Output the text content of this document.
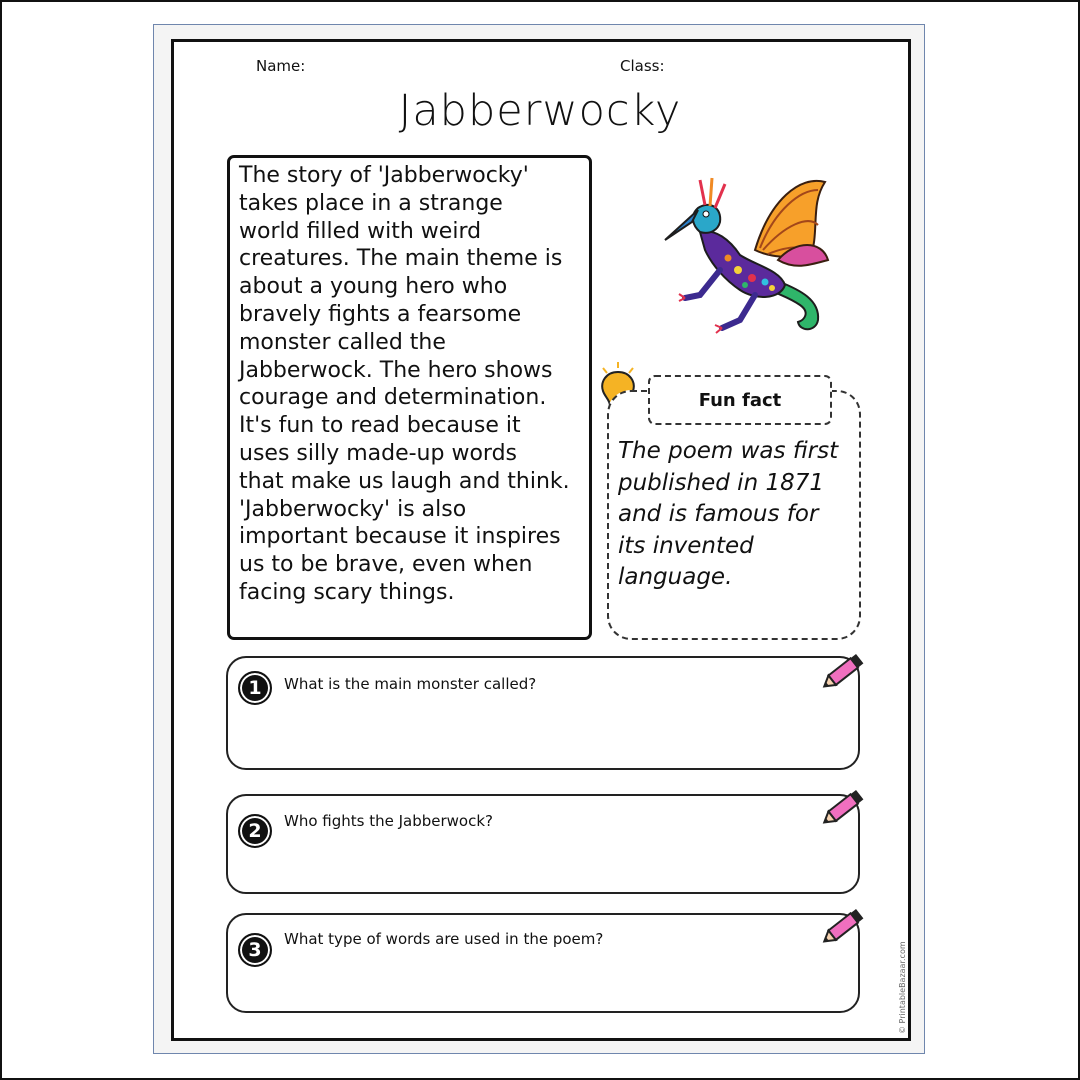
Name:	Class:
Jabberwocky
The story of 'Jabberwocky'
takes place in a strange
world filled with weird
creatures. The main theme is
about a young hero who
bravely fights a fearsome
monster called the
Jabberwock. The hero shows
courage and determination.
It's fun to read because it
uses silly made-up words
that make us laugh and think.
'Jabberwocky' is also
important because it inspires
us to be brave, even when
facing scary things.
Fun fact
The poem was first
published in 1871
and is famous for
its invented
language.
1	What is the main monster called?
2	Who fights the Jabberwock?
3	What type of words are used in the poem?
© PrintableBazaar.com
